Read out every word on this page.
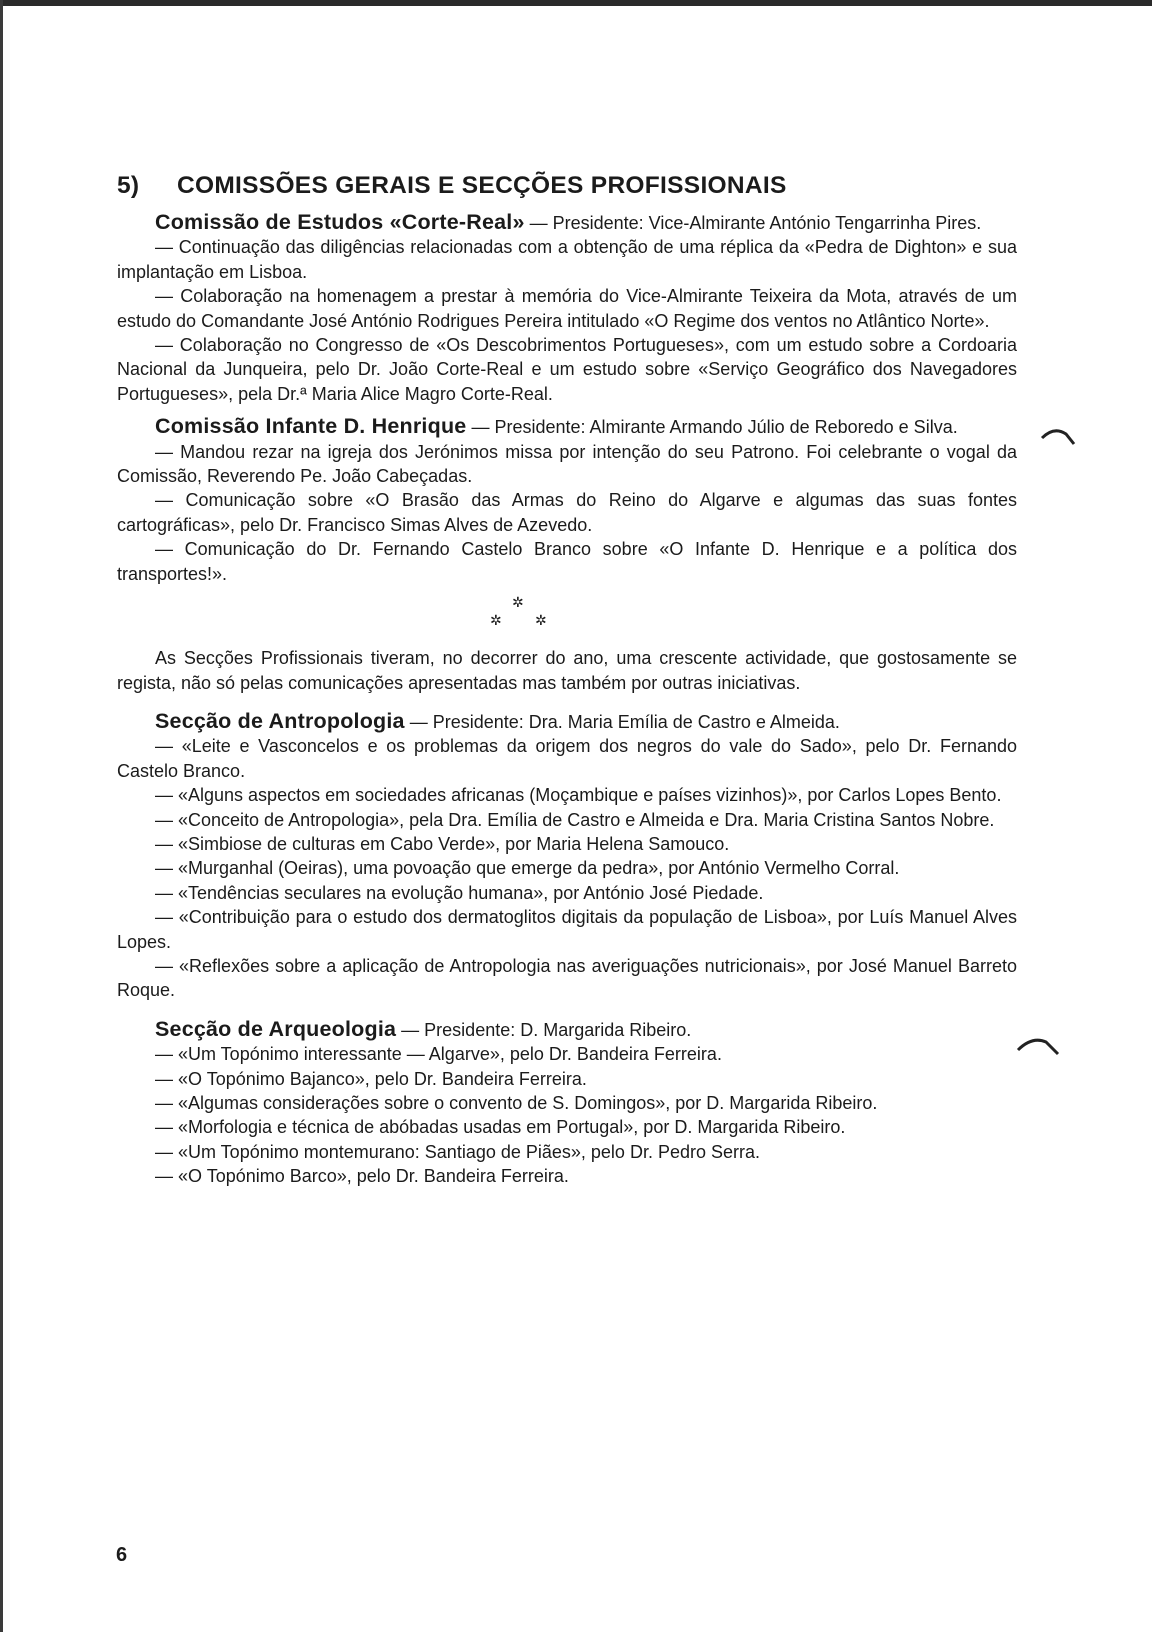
5) COMISSÕES GERAIS E SECÇÕES PROFISSIONAIS

Comissão de Estudos «Corte-Real» — Presidente: Vice-Almirante António Tengarrinha Pires.

— Continuação das diligências relacionadas com a obtenção de uma réplica da «Pedra de Dighton» e sua implantação em Lisboa.

— Colaboração na homenagem a prestar à memória do Vice-Almirante Teixeira da Mota, através de um estudo do Comandante José António Rodrigues Pereira intitulado «O Regime dos ventos no Atlântico Norte».

— Colaboração no Congresso de «Os Descobrimentos Portugueses», com um estudo sobre a Cordoaria Nacional da Junqueira, pelo Dr. João Corte-Real e um estudo sobre «Serviço Geográfico dos Navegadores Portugueses», pela Dr.ª Maria Alice Magro Corte-Real.

Comissão Infante D. Henrique — Presidente: Almirante Armando Júlio de Reboredo e Silva.

— Mandou rezar na igreja dos Jerónimos missa por intenção do seu Patrono. Foi celebrante o vogal da Comissão, Reverendo Pe. João Cabeçadas.

— Comunicação sobre «O Brasão das Armas do Reino do Algarve e algumas das suas fontes cartográficas», pelo Dr. Francisco Simas Alves de Azevedo.

— Comunicação do Dr. Fernando Castelo Branco sobre «O Infante D. Henrique e a política dos transportes!».

✲
✲ ✲

As Secções Profissionais tiveram, no decorrer do ano, uma crescente actividade, que gostosamente se regista, não só pelas comunicações apresentadas mas também por outras iniciativas.

Secção de Antropologia — Presidente: Dra. Maria Emília de Castro e Almeida.

— «Leite e Vasconcelos e os problemas da origem dos negros do vale do Sado», pelo Dr. Fernando Castelo Branco.

— «Alguns aspectos em sociedades africanas (Moçambique e países vizinhos)», por Carlos Lopes Bento.

— «Conceito de Antropologia», pela Dra. Emília de Castro e Almeida e Dra. Maria Cristina Santos Nobre.

— «Simbiose de culturas em Cabo Verde», por Maria Helena Samouco.

— «Murganhal (Oeiras), uma povoação que emerge da pedra», por António Vermelho Corral.

— «Tendências seculares na evolução humana», por António José Piedade.

— «Contribuição para o estudo dos dermatoglitos digitais da população de Lisboa», por Luís Manuel Alves Lopes.

— «Reflexões sobre a aplicação de Antropologia nas averiguações nutricionais», por José Manuel Barreto Roque.

Secção de Arqueologia — Presidente: D. Margarida Ribeiro.

— «Um Topónimo interessante — Algarve», pelo Dr. Bandeira Ferreira.

— «O Topónimo Bajanco», pelo Dr. Bandeira Ferreira.

— «Algumas considerações sobre o convento de S. Domingos», por D. Margarida Ribeiro.

— «Morfologia e técnica de abóbadas usadas em Portugal», por D. Margarida Ribeiro.

— «Um Topónimo montemurano: Santiago de Piães», pelo Dr. Pedro Serra.

— «O Topónimo Barco», pelo Dr. Bandeira Ferreira.

6
